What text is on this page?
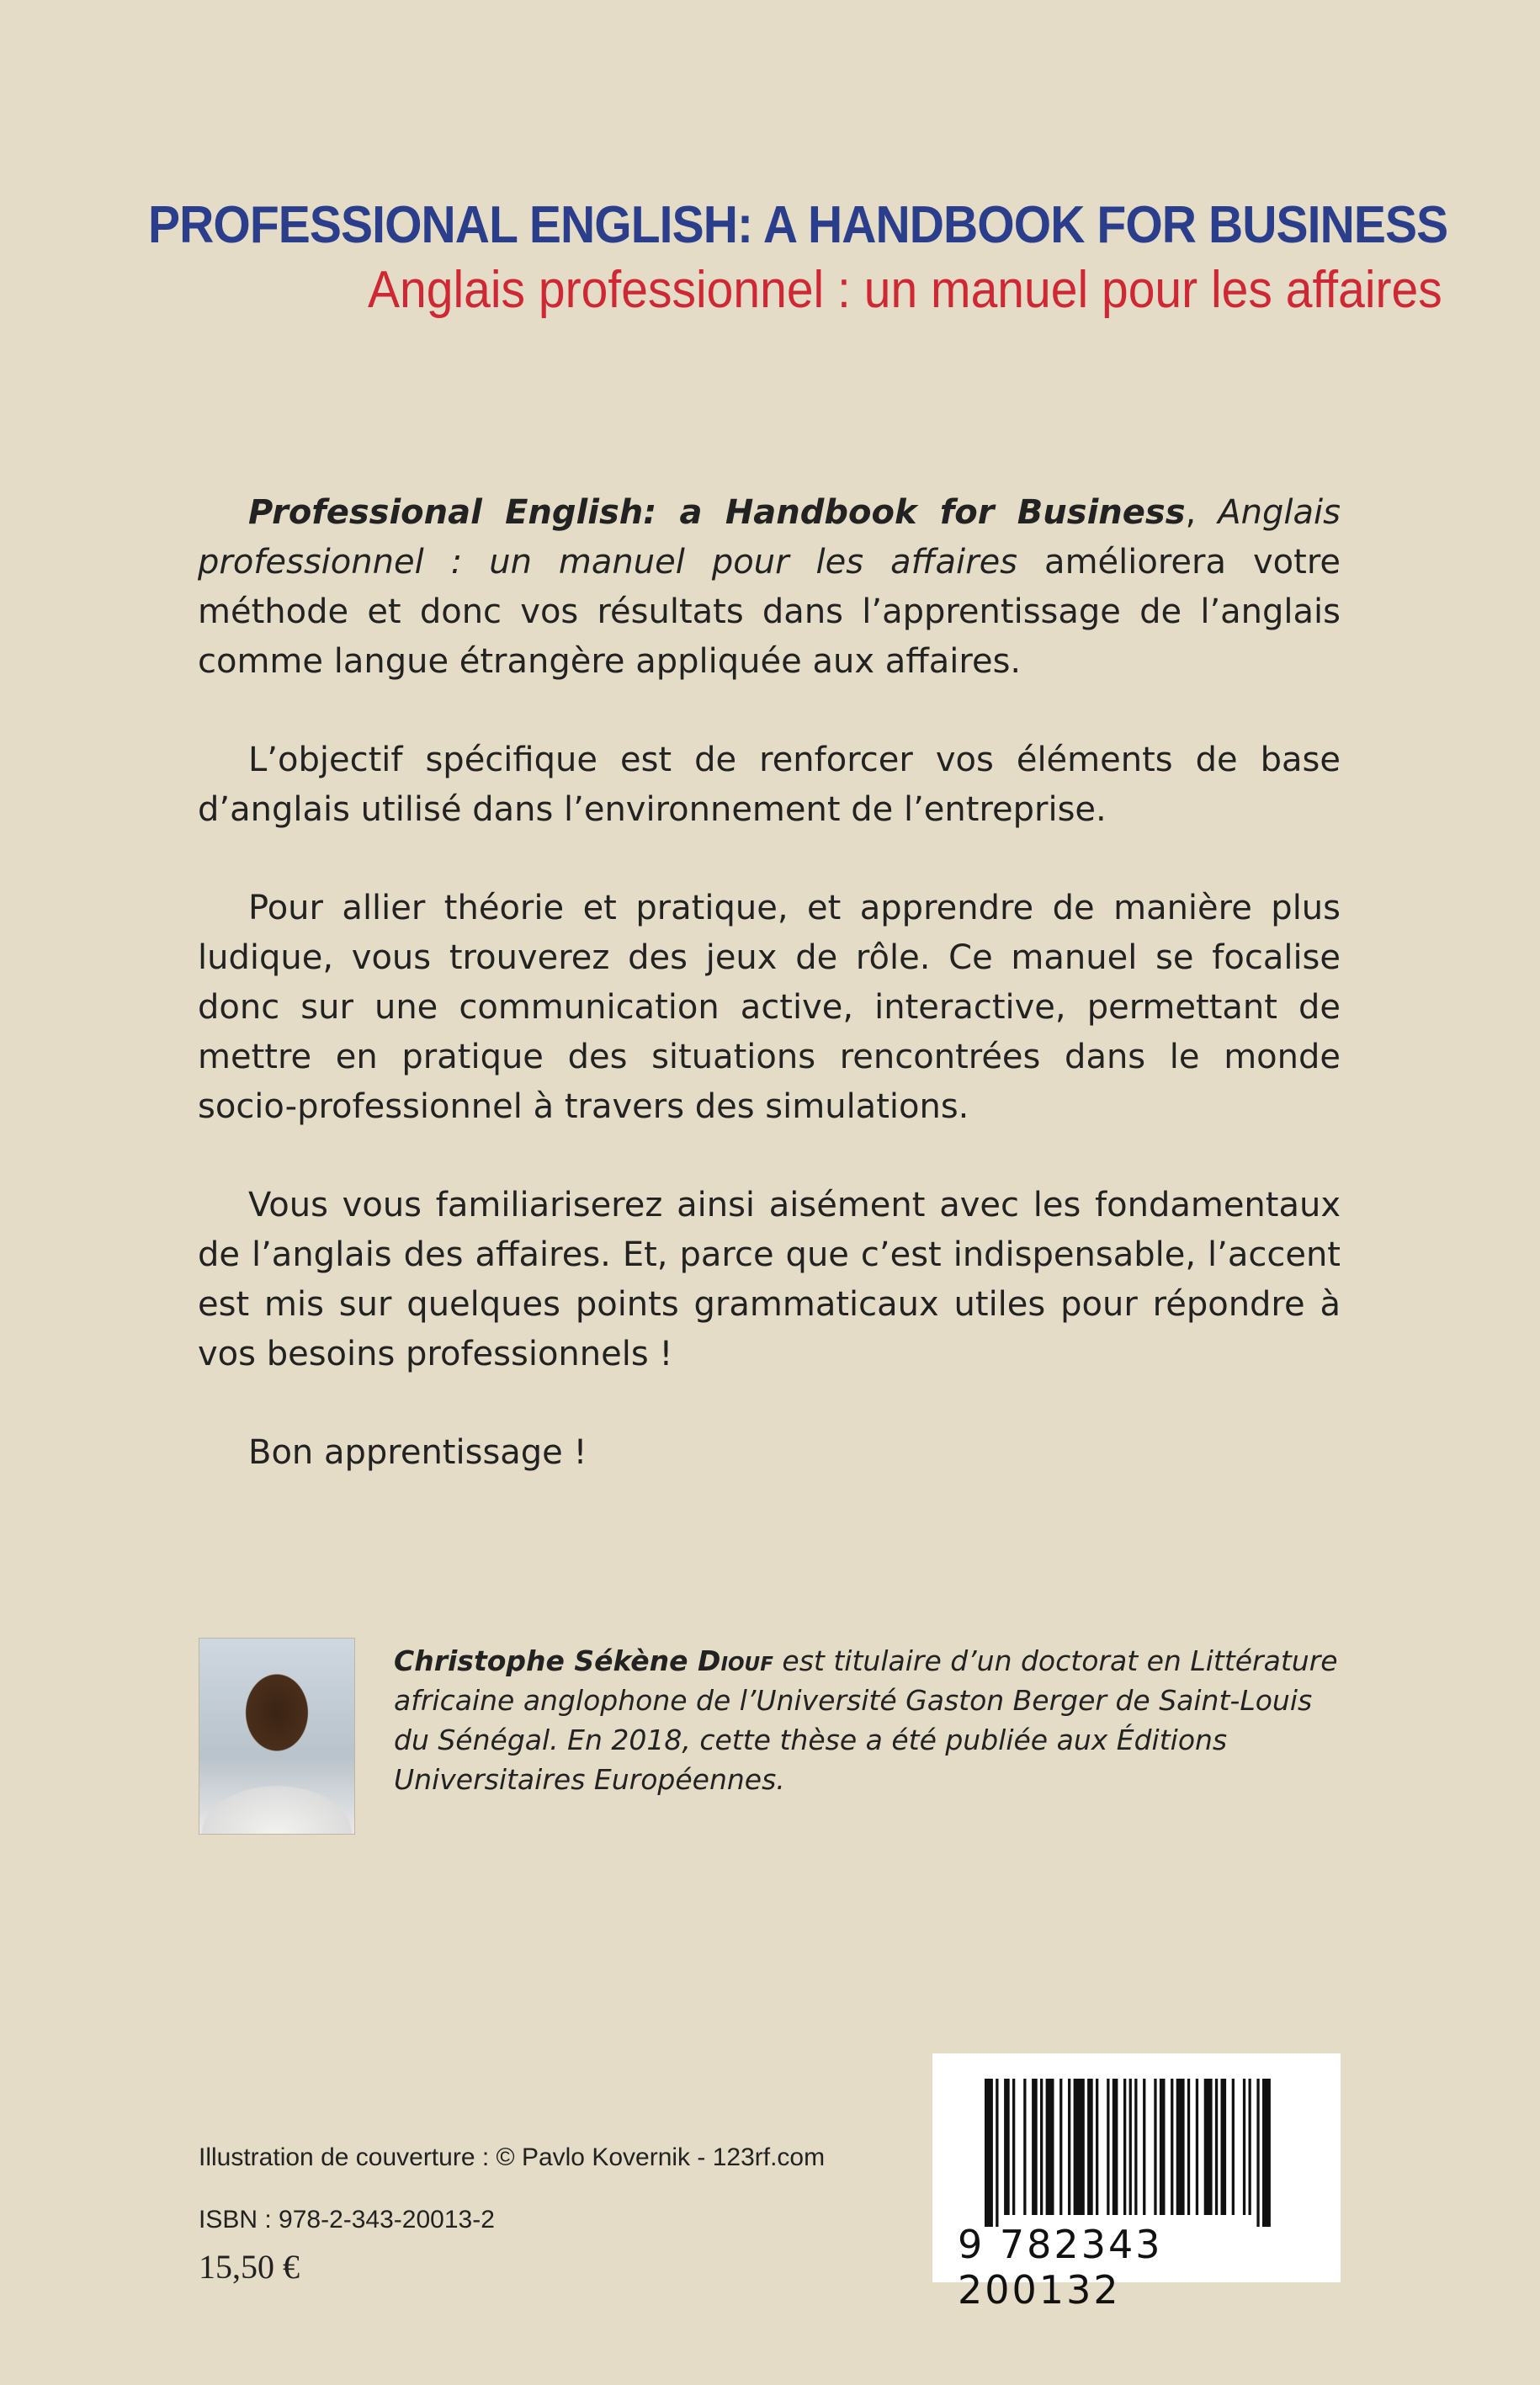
PROFESSIONAL ENGLISH: A HANDBOOK FOR BUSINESS
Anglais professionnel : un manuel pour les affaires

Professional English: a Handbook for Business, Anglais professionnel : un manuel pour les affaires améliorera votre méthode et donc vos résultats dans l’apprentissage de l’anglais comme langue étrangère appliquée aux affaires.

L’objectif spécifique est de renforcer vos éléments de base d’anglais utilisé dans l’environnement de l’entreprise.

Pour allier théorie et pratique, et apprendre de manière plus ludique, vous trouverez des jeux de rôle. Ce manuel se focalise donc sur une communication active, interactive, permettant de mettre en pratique des situations rencontrées dans le monde socio-professionnel à travers des simulations.

Vous vous familiariserez ainsi aisément avec les fondamentaux de l’anglais des affaires. Et, parce que c’est indispensable, l’accent est mis sur quelques points grammaticaux utiles pour répondre à vos besoins professionnels !

Bon apprentissage !

Christophe Sékène Diouf est titulaire d’un doctorat en Littérature africaine anglophone de l’Université Gaston Berger de Saint-Louis du Sénégal. En 2018, cette thèse a été publiée aux Éditions Universitaires Européennes.
Illustration de couverture : © Pavlo Kovernik - 123rf.com
ISBN : 978-2-343-20013-2
15,50 €	9 782343 200132
